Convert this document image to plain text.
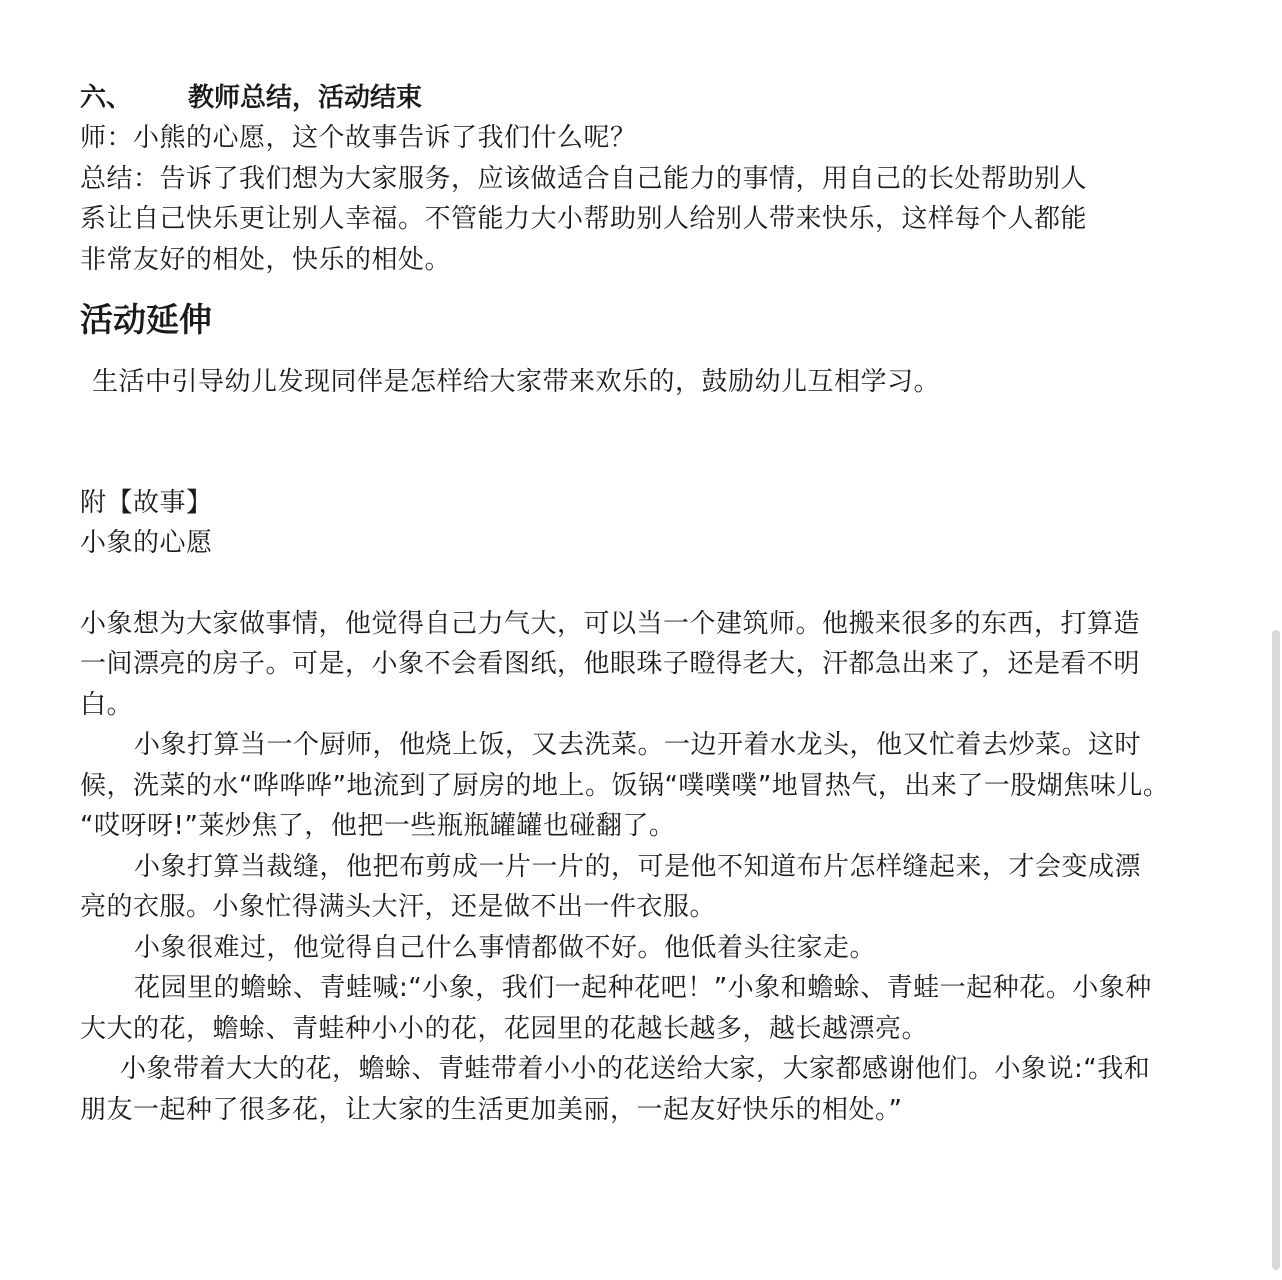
六、 教师总结，活动结束

师：小熊的心愿，这个故事告诉了我们什么呢？

总结：告诉了我们想为大家服务，应该做适合自己能力的事情，用自己的长处帮助别人

系让自己快乐更让别人幸福。不管能力大小帮助别人给别人带来快乐，这样每个人都能

非常友好的相处，快乐的相处。

活动延伸

生活中引导幼儿发现同伴是怎样给大家带来欢乐的，鼓励幼儿互相学习。

附【故事】

小象的心愿

小象想为大家做事情，他觉得自己力气大，可以当一个建筑师。他搬来很多的东西，打算造

一间漂亮的房子。可是，小象不会看图纸，他眼珠子瞪得老大，汗都急出来了，还是看不明

白。

小象打算当一个厨师，他烧上饭，又去洗菜。一边开着水龙头，他又忙着去炒菜。这时

候，洗菜的水“哗哗哗”地流到了厨房的地上。饭锅“噗噗噗”地冒热气，出来了一股煳焦味儿。

“哎呀呀!”莱炒焦了，他把一些瓶瓶罐罐也碰翻了。

小象打算当裁缝，他把布剪成一片一片的，可是他不知道布片怎样缝起来，才会变成漂

亮的衣服。小象忙得满头大汗，还是做不出一件衣服。

小象很难过，他觉得自己什么事情都做不好。他低着头往家走。

花园里的蟾蜍、青蛙喊:“小象，我们一起种花吧！”小象和蟾蜍、青蛙一起种花。小象种

大大的花，蟾蜍、青蛙种小小的花，花园里的花越长越多，越长越漂亮。

小象带着大大的花，蟾蜍、青蛙带着小小的花送给大家，大家都感谢他们。小象说:“我和

朋友一起种了很多花，让大家的生活更加美丽，一起友好快乐的相处。”
